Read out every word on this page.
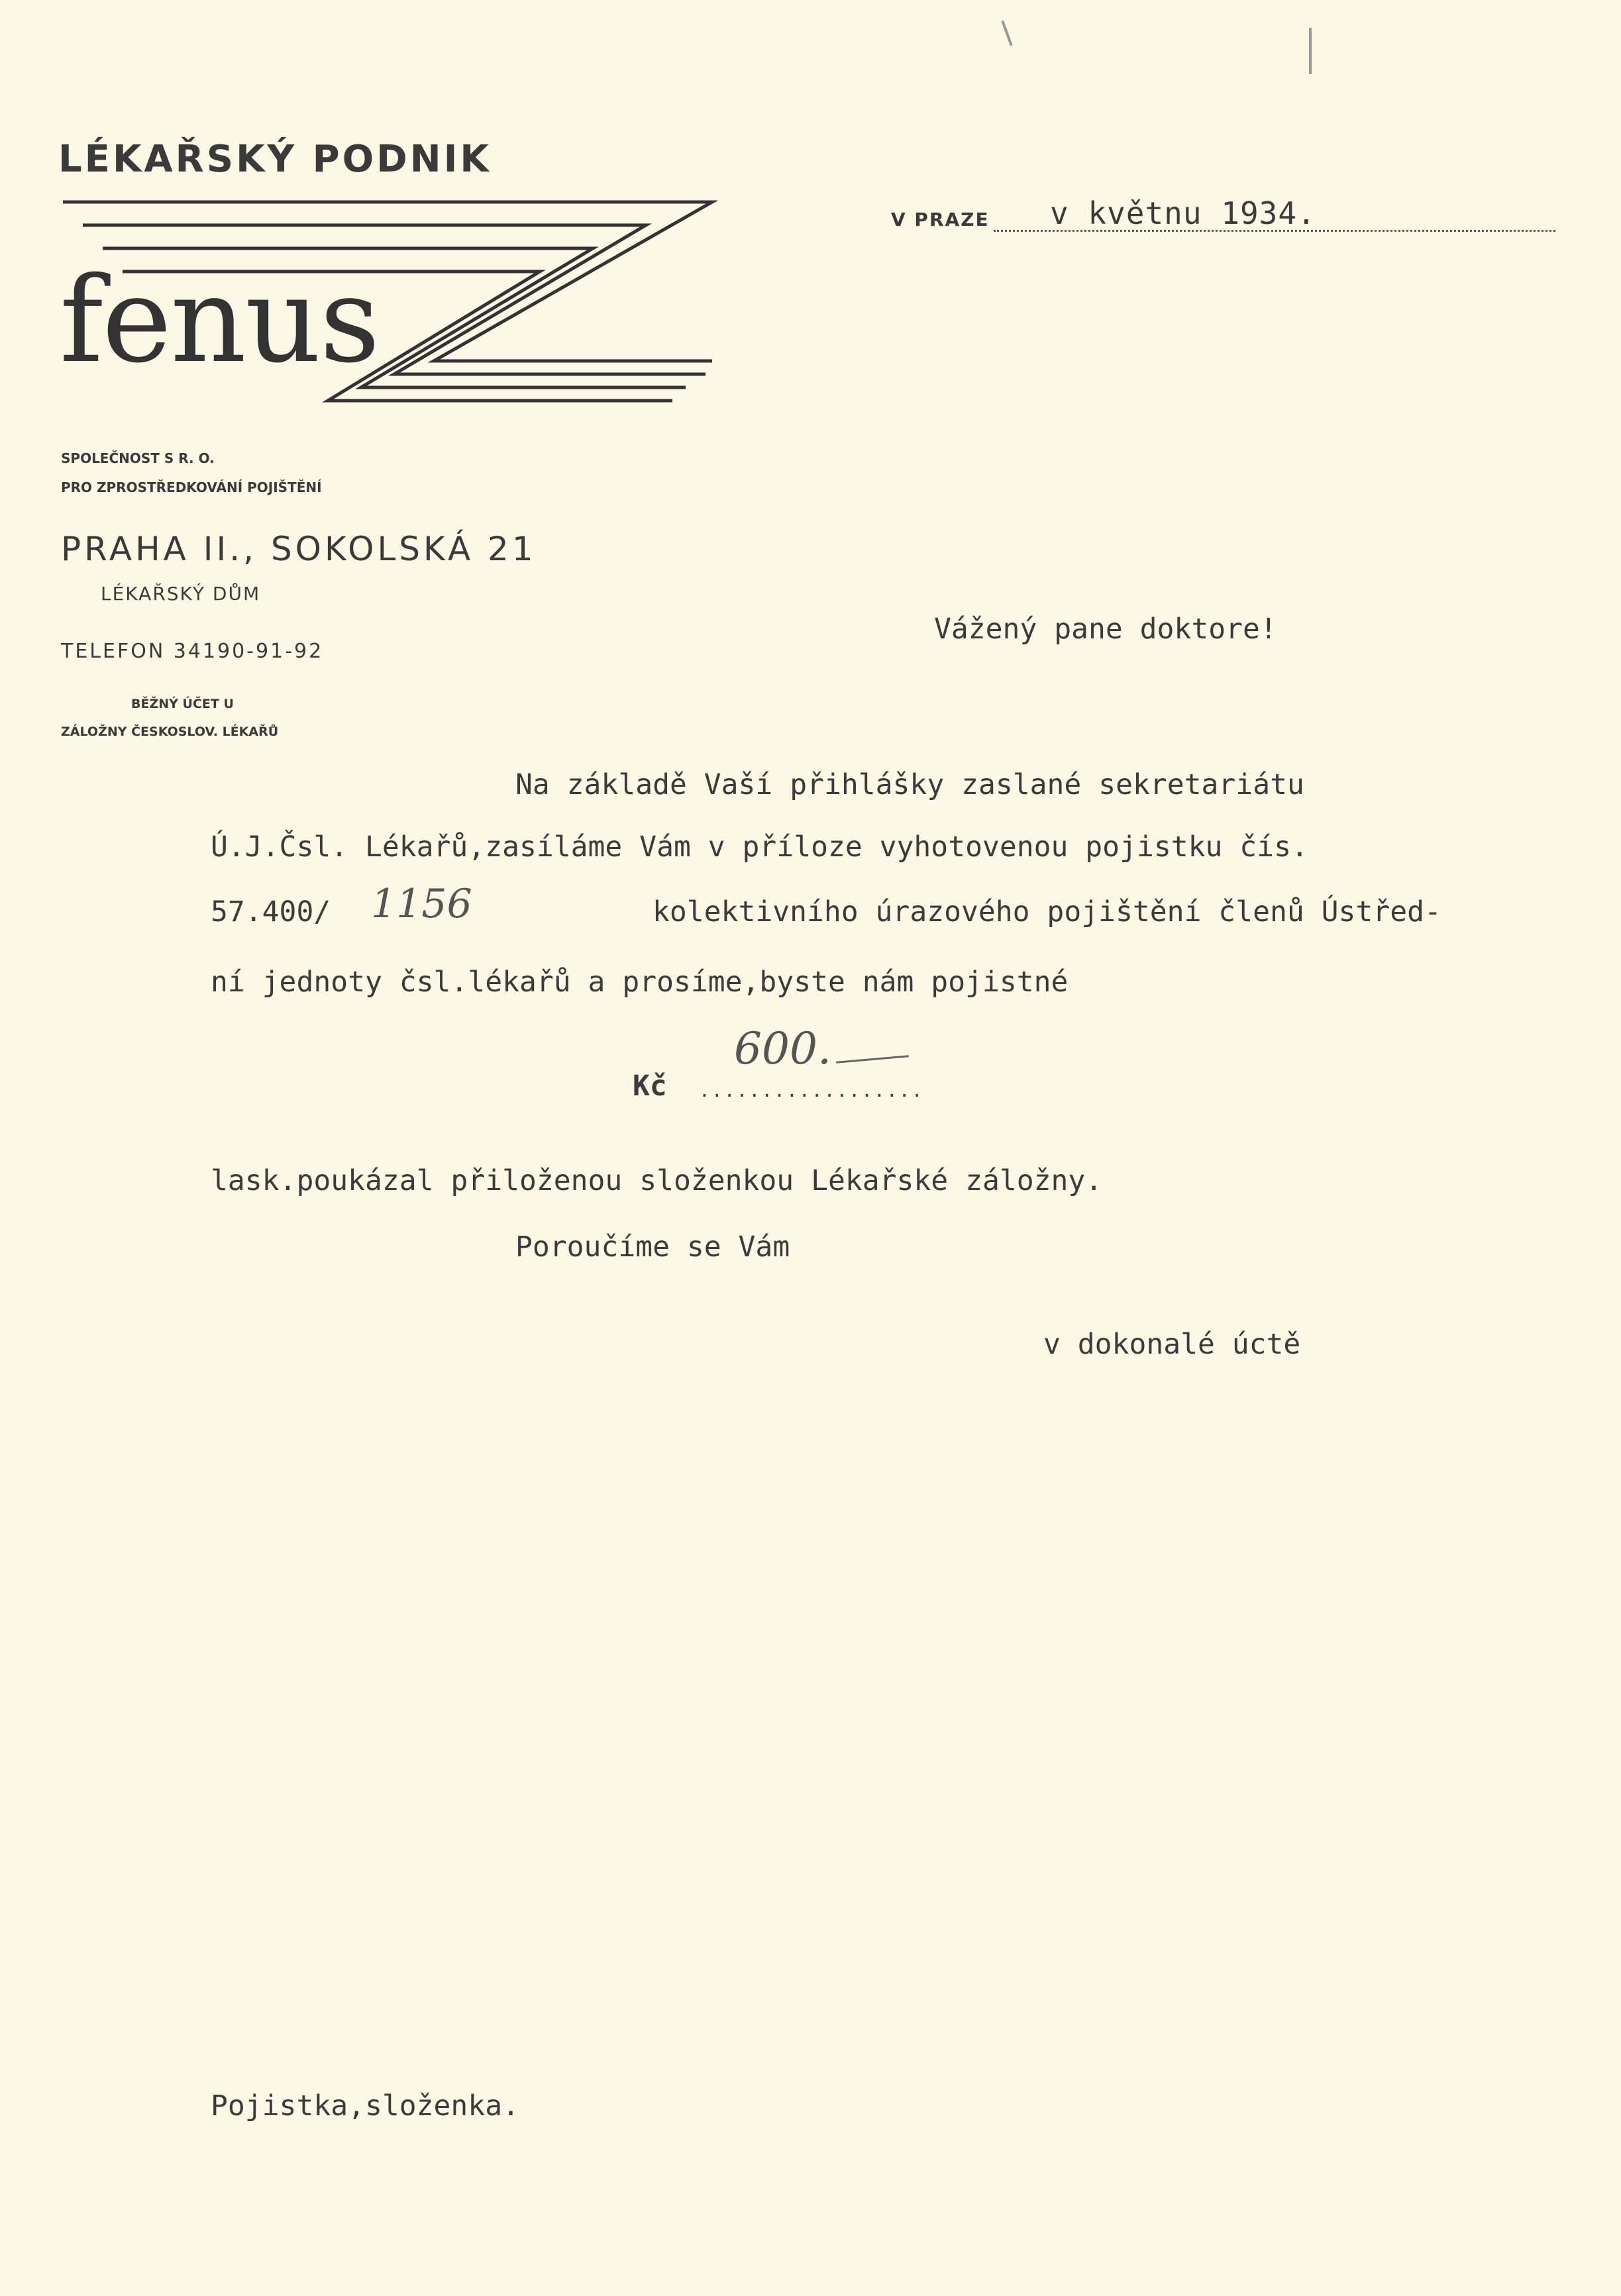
LÉKAŘSKÝ PODNIK
fenus
SPOLEČNOST S R. O.
PRO ZPROSTŘEDKOVÁNÍ POJIŠTĚNÍ
PRAHA II., SOKOLSKÁ 21
LÉKAŘSKÝ DŮM
TELEFON 34190-91-92
BĚŽNÝ ÚČET U
ZÁLOŽNY ČESKOSLOV. LÉKAŘŮ
V PRAZE v květnu 1934.
Vážený pane doktore!
Na základě Vaší přihlášky zaslané sekretariátu
Ú.J.Čsl. Lékařů,zasíláme Vám v příloze vyhotovenou pojistku čís.
57.400/ 1156	kolektivního úrazového pojištění členů Ústřed-
ní jednoty čsl.lékařů a prosíme,byste nám pojistné
Kč
600.
..................
lask.poukázal přiloženou složenkou Lékařské záložny.
Poroučíme se Vám
v dokonalé úctě
Pojistka,složenka.
